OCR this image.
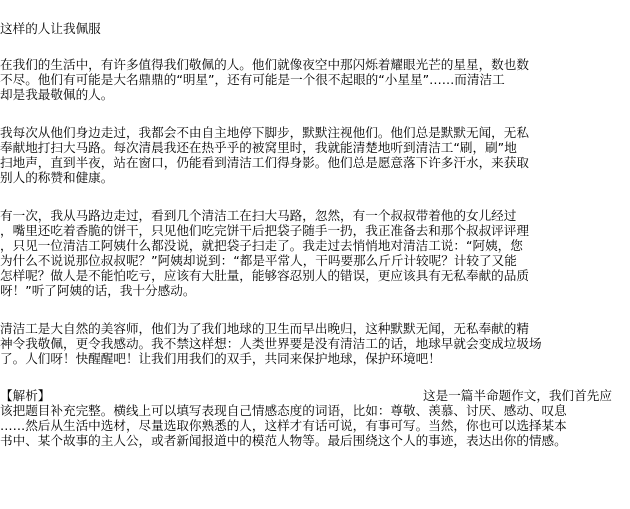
这样的人让我佩服

在我们的生活中，有许多值得我们敬佩的人。他们就像夜空中那闪烁着耀眼光芒的星星，数也数

不尽。他们有可能是大名鼎鼎的“明星”，还有可能是一个很不起眼的“小星星”……而清洁工

却是我最敬佩的人。

我每次从他们身边走过，我都会不由自主地停下脚步，默默注视他们。他们总是默默无闻，无私

奉献地打扫大马路。每次清晨我还在热乎乎的被窝里时，我就能清楚地听到清洁工“刷，刷”地

扫地声，直到半夜，站在窗口，仍能看到清洁工们得身影。他们总是愿意落下许多汗水，来获取

别人的称赞和健康。

有一次，我从马路边走过，看到几个清洁工在扫大马路，忽然，有一个叔叔带着他的女儿经过

，嘴里还吃着香脆的饼干，只见他们吃完饼干后把袋子随手一扔，我正准备去和那个叔叔评评理

，只见一位清洁工阿姨什么都没说，就把袋子扫走了。我走过去悄悄地对清洁工说：“阿姨，您

为什么不说说那位叔叔呢？”阿姨却说到：“都是平常人，干吗要那么斤斤计较呢？计较了又能

怎样呢？做人是不能怕吃亏，应该有大肚量，能够容忍别人的错误，更应该具有无私奉献的品质

呀！”听了阿姨的话，我十分感动。

清洁工是大自然的美容师，他们为了我们地球的卫生而早出晚归，这种默默无闻，无私奉献的精

神令我敬佩，更令我感动。我不禁这样想：人类世界要是没有清洁工的话，地球早就会变成垃圾场

了。人们呀！快醒醒吧！让我们用我们的双手，共同来保护地球，保护环境吧！

【解析】	这是一篇半命题作文，我们首先应

该把题目补充完整。横线上可以填写表现自己情感态度的词语，比如：尊敬、羡慕、讨厌、感动、叹息

……然后从生活中选材，尽量选取你熟悉的人，这样才有话可说，有事可写。当然，你也可以选择某本

书中、某个故事的主人公，或者新闻报道中的模范人物等。最后围绕这个人的事迹，表达出你的情感。
